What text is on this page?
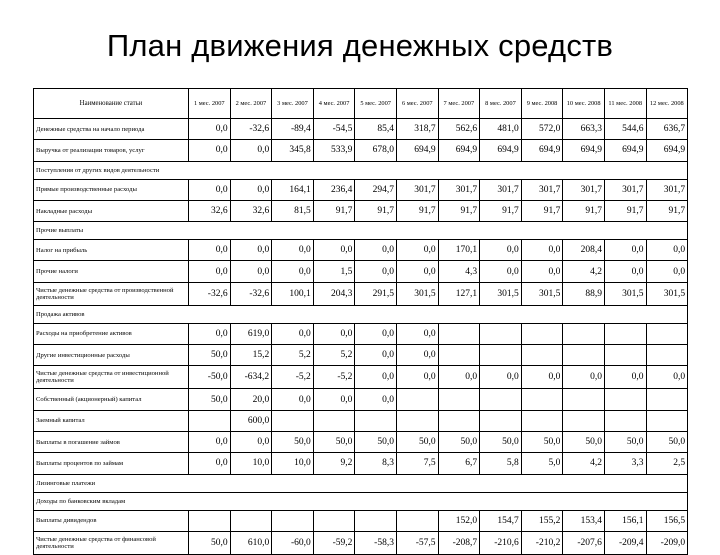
План движения денежных средств
Наименование статьи	1 мес. 2007	2 мес. 2007	3 мес. 2007	4 мес. 2007	5 мес. 2007	6 мес. 2007	7 мес. 2007	8 мес. 2007	9 мес. 2008	10 мес. 2008	11 мес. 2008	12 мес. 2008
Денежные средства на начало периода	0,0	-32,6	-89,4	-54,5	85,4	318,7	562,6	481,0	572,0	663,3	544,6	636,7
Выручка от реализации товаров, услуг	0,0	0,0	345,8	533,9	678,0	694,9	694,9	694,9	694,9	694,9	694,9	694,9
Поступления от других видов деятельности												
Прямые производственные расходы	0,0	0,0	164,1	236,4	294,7	301,7	301,7	301,7	301,7	301,7	301,7	301,7
Накладные расходы	32,6	32,6	81,5	91,7	91,7	91,7	91,7	91,7	91,7	91,7	91,7	91,7
Прочие выплаты												
Налог на прибыль	0,0	0,0	0,0	0,0	0,0	0,0	170,1	0,0	0,0	208,4	0,0	0,0
Прочие налоги	0,0	0,0	0,0	1,5	0,0	0,0	4,3	0,0	0,0	4,2	0,0	0,0
Чистые денежные средства от производственной деятельности	-32,6	-32,6	100,1	204,3	291,5	301,5	127,1	301,5	301,5	88,9	301,5	301,5
Продажа активов												
Расходы на приобретение активов	0,0	619,0	0,0	0,0	0,0	0,0						
Другие инвестиционные расходы	50,0	15,2	5,2	5,2	0,0	0,0						
Чистые денежные средства от инвестиционной деятельности	-50,0	-634,2	-5,2	-5,2	0,0	0,0	0,0	0,0	0,0	0,0	0,0	0,0
Собственный (акционерный) капитал	50,0	20,0	0,0	0,0	0,0							
Заемный капитал		600,0										
Выплаты в погашение займов	0,0	0,0	50,0	50,0	50,0	50,0	50,0	50,0	50,0	50,0	50,0	50,0
Выплаты процентов по займам	0,0	10,0	10,0	9,2	8,3	7,5	6,7	5,8	5,0	4,2	3,3	2,5
Лизинговые платежи												
Доходы по банковским вкладам												
Выплаты дивидендов							152,0	154,7	155,2	153,4	156,1	156,5
Чистые денежные средства от финансовой деятельности	50,0	610,0	-60,0	-59,2	-58,3	-57,5	-208,7	-210,6	-210,2	-207,6	-209,4	-209,0
